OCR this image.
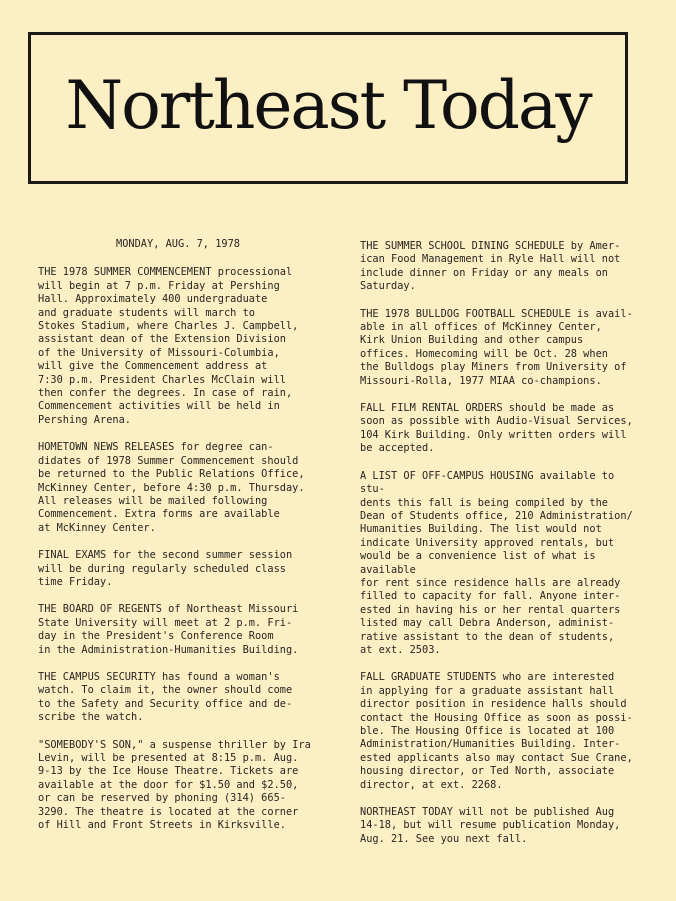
Northeast Today
MONDAY, AUG. 7, 1978

THE 1978 SUMMER COMMENCEMENT processional
will begin at 7 p.m. Friday at Pershing
Hall. Approximately 400 undergraduate
and graduate students will march to
Stokes Stadium, where Charles J. Campbell,
assistant dean of the Extension Division
of the University of Missouri-Columbia,
will give the Commencement address at
7:30 p.m. President Charles McClain will
then confer the degrees. In case of rain,
Commencement activities will be held in
Pershing Arena.

HOMETOWN NEWS RELEASES for degree can-
didates of 1978 Summer Commencement should
be returned to the Public Relations Office,
McKinney Center, before 4:30 p.m. Thursday.
All releases will be mailed following
Commencement. Extra forms are available
at McKinney Center.

FINAL EXAMS for the second summer session
will be during regularly scheduled class
time Friday.

THE BOARD OF REGENTS of Northeast Missouri
State University will meet at 2 p.m. Fri-
day in the President's Conference Room
in the Administration-Humanities Building.

THE CAMPUS SECURITY has found a woman's
watch. To claim it, the owner should come
to the Safety and Security office and de-
scribe the watch.

"SOMEBODY'S SON," a suspense thriller by Ira
Levin, will be presented at 8:15 p.m. Aug.
9-13 by the Ice House Theatre. Tickets are
available at the door for $1.50 and $2.50,
or can be reserved by phoning (314) 665-
3290. The theatre is located at the corner
of Hill and Front Streets in Kirksville.

THE SUMMER SCHOOL DINING SCHEDULE by Amer-
ican Food Management in Ryle Hall will not
include dinner on Friday or any meals on
Saturday.

THE 1978 BULLDOG FOOTBALL SCHEDULE is avail-
able in all offices of McKinney Center,
Kirk Union Building and other campus
offices. Homecoming will be Oct. 28 when
the Bulldogs play Miners from University of
Missouri-Rolla, 1977 MIAA co-champions.

FALL FILM RENTAL ORDERS should be made as
soon as possible with Audio-Visual Services,
104 Kirk Building. Only written orders will
be accepted.

A LIST OF OFF-CAMPUS HOUSING available to stu-
dents this fall is being compiled by the
Dean of Students office, 210 Administration/
Humanities Building. The list would not
indicate University approved rentals, but
would be a convenience list of what is available
for rent since residence halls are already
filled to capacity for fall. Anyone inter-
ested in having his or her rental quarters
listed may call Debra Anderson, administ-
rative assistant to the dean of students,
at ext. 2503.

FALL GRADUATE STUDENTS who are interested
in applying for a graduate assistant hall
director position in residence halls should
contact the Housing Office as soon as possi-
ble. The Housing Office is located at 100
Administration/Humanities Building. Inter-
ested applicants also may contact Sue Crane,
housing director, or Ted North, associate
director, at ext. 2268.

NORTHEAST TODAY will not be published Aug
14-18, but will resume publication Monday,
Aug. 21. See you next fall.
